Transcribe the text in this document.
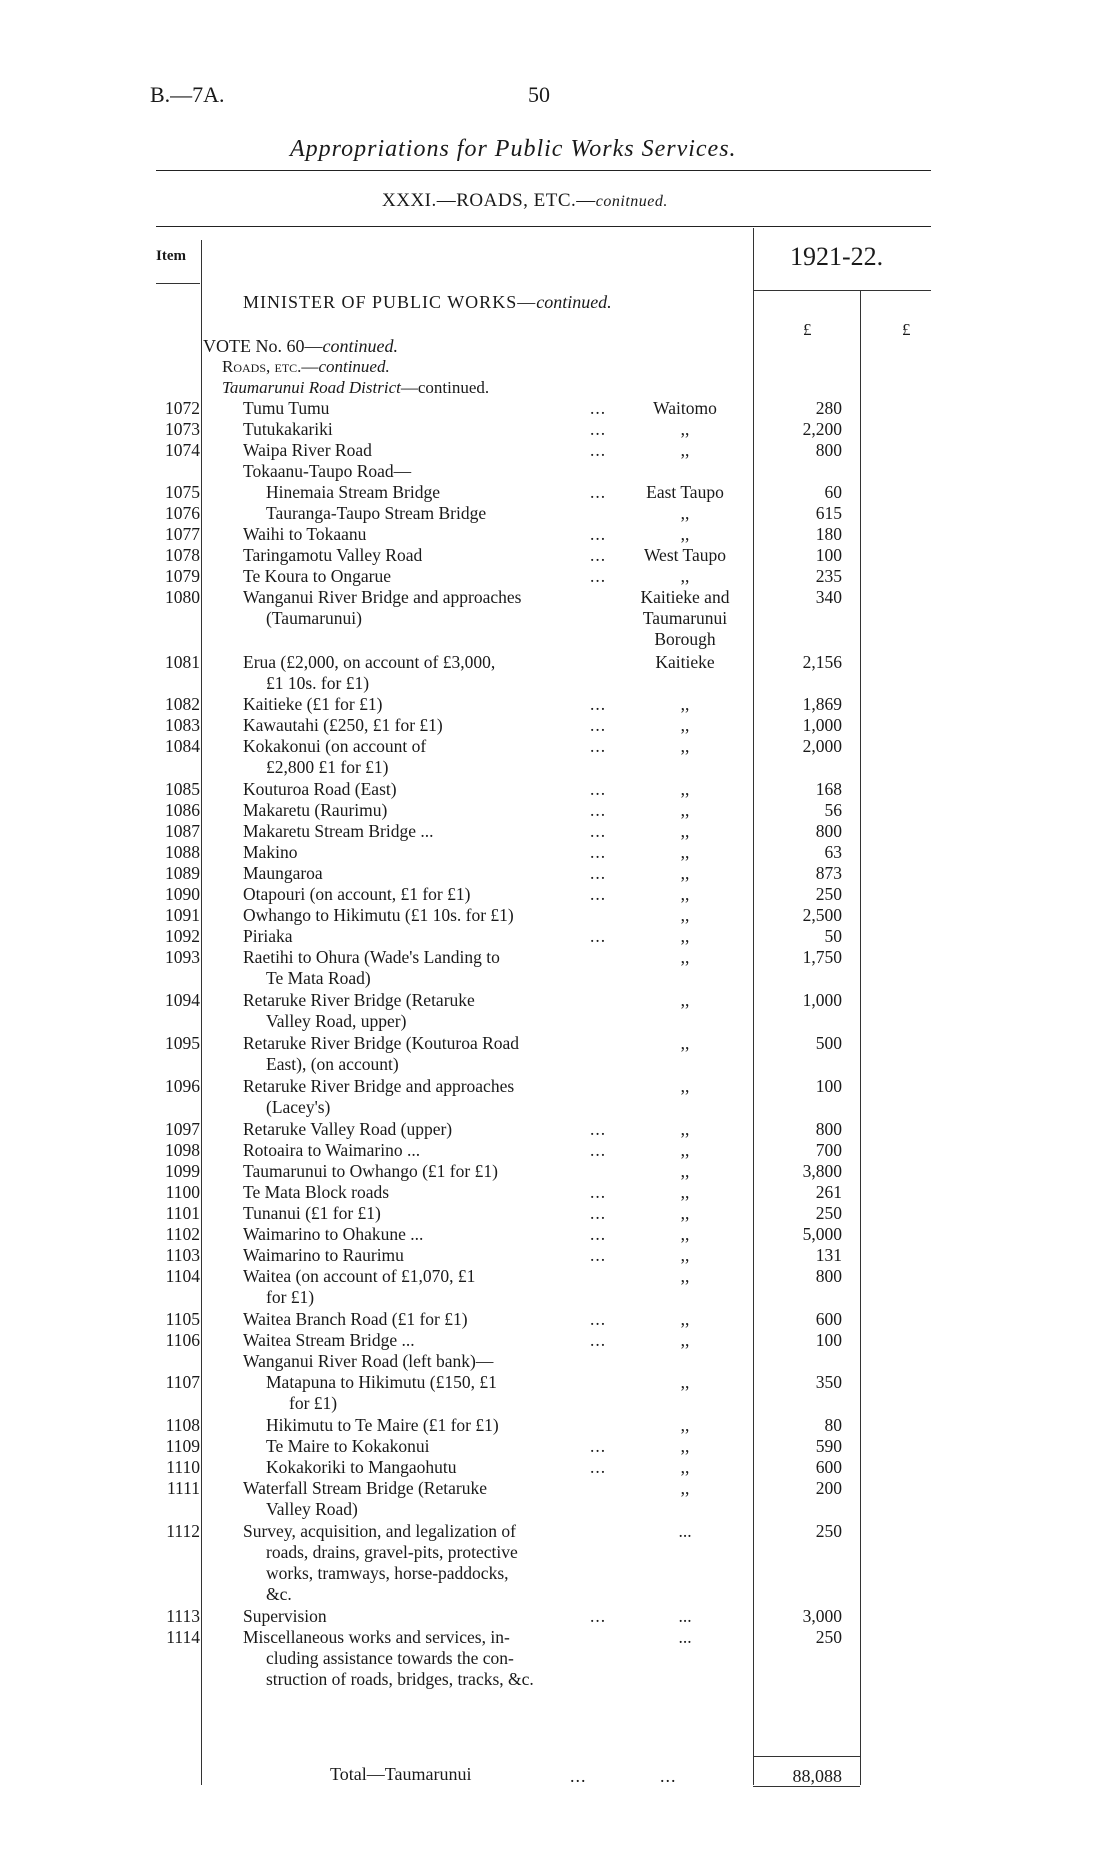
B.—7A.	50
Appropriations for Public Works Services.
XXXI.—ROADS, ETC.—conitnued.
Item	1921-22.
£	£
MINISTER OF PUBLIC WORKS—continued.
VOTE No. 60—continued.
Roads, etc.—continued.
Taumarunui Road District—continued.
1072 Tumu Tumu	...	Waitomo	280
1073 Tutukakariki	...	,,	2,200
1074 Waipa River Road	...	,,	800
Tokaanu-Taupo Road—
1075	Hinemaia Stream Bridge	...	East Taupo	60
1076	Tauranga-Taupo Stream Bridge	,,	615
1077 Waihi to Tokaanu	...	,,	180
1078 Taringamotu Valley Road	...	West Taupo	100
1079 Te Koura to Ongarue	...	,,	235
1080 Wanganui River Bridge and approaches	Kaitieke and	340
(Taumarunui)	Taumarunui
Borough
1081 Erua (£2,000, on account of £3,000,	Kaitieke	2,156
£1 10s. for £1)
1082 Kaitieke (£1 for £1)	...	,,	1,869
1083 Kawautahi (£250, £1 for £1)	...	,,	1,000
1084 Kokakonui (on account of	...	,,	2,000
£2,800 £1 for £1)
1085 Kouturoa Road (East)	...	,,	168
1086 Makaretu (Raurimu)	...	,,	56
1087 Makaretu Stream Bridge ...	...	,,	800
1088 Makino	...	,,	63
1089 Maungaroa	...	,,	873
1090 Otapouri (on account, £1 for £1)	...	,,	250
1091 Owhango to Hikimutu (£1 10s. for £1)	,,	2,500
1092 Piriaka	...	,,	50
1093 Raetihi to Ohura (Wade's Landing to	,,	1,750
Te Mata Road)
1094 Retaruke River Bridge (Retaruke	,,	1,000
Valley Road, upper)
1095 Retaruke River Bridge (Kouturoa Road	,,	500
East), (on account)
1096 Retaruke River Bridge and approaches	,,	100
(Lacey's)
1097 Retaruke Valley Road (upper)	...	,,	800
1098 Rotoaira to Waimarino ...	...	,,	700
1099 Taumarunui to Owhango (£1 for £1)	,,	3,800
1100 Te Mata Block roads	...	,,	261
1101 Tunanui (£1 for £1)	...	,,	250
1102 Waimarino to Ohakune ...	...	,,	5,000
1103 Waimarino to Raurimu	...	,,	131
1104 Waitea (on account of £1,070, £1	,,	800
for £1)
1105 Waitea Branch Road (£1 for £1)	...	,,	600
1106 Waitea Stream Bridge ...	...	,,	100
Wanganui River Road (left bank)—
1107	Matapuna to Hikimutu (£150, £1	,,	350
for £1)
1108	Hikimutu to Te Maire (£1 for £1)	,,	80
1109	Te Maire to Kokakonui	...	,,	590
1110	Kokakoriki to Mangaohutu	...	,,	600
1111 Waterfall Stream Bridge (Retaruke	,,	200
Valley Road)
1112 Survey, acquisition, and legalization of	...	250
roads, drains, gravel-pits, protective
works, tramways, horse-paddocks,
&c.
1113 Supervision	...	...	3,000
1114 Miscellaneous works and services, in-	...	250
cluding assistance towards the con-
struction of roads, bridges, tracks, &c.
Total—Taumarunui	...	...	88,088
